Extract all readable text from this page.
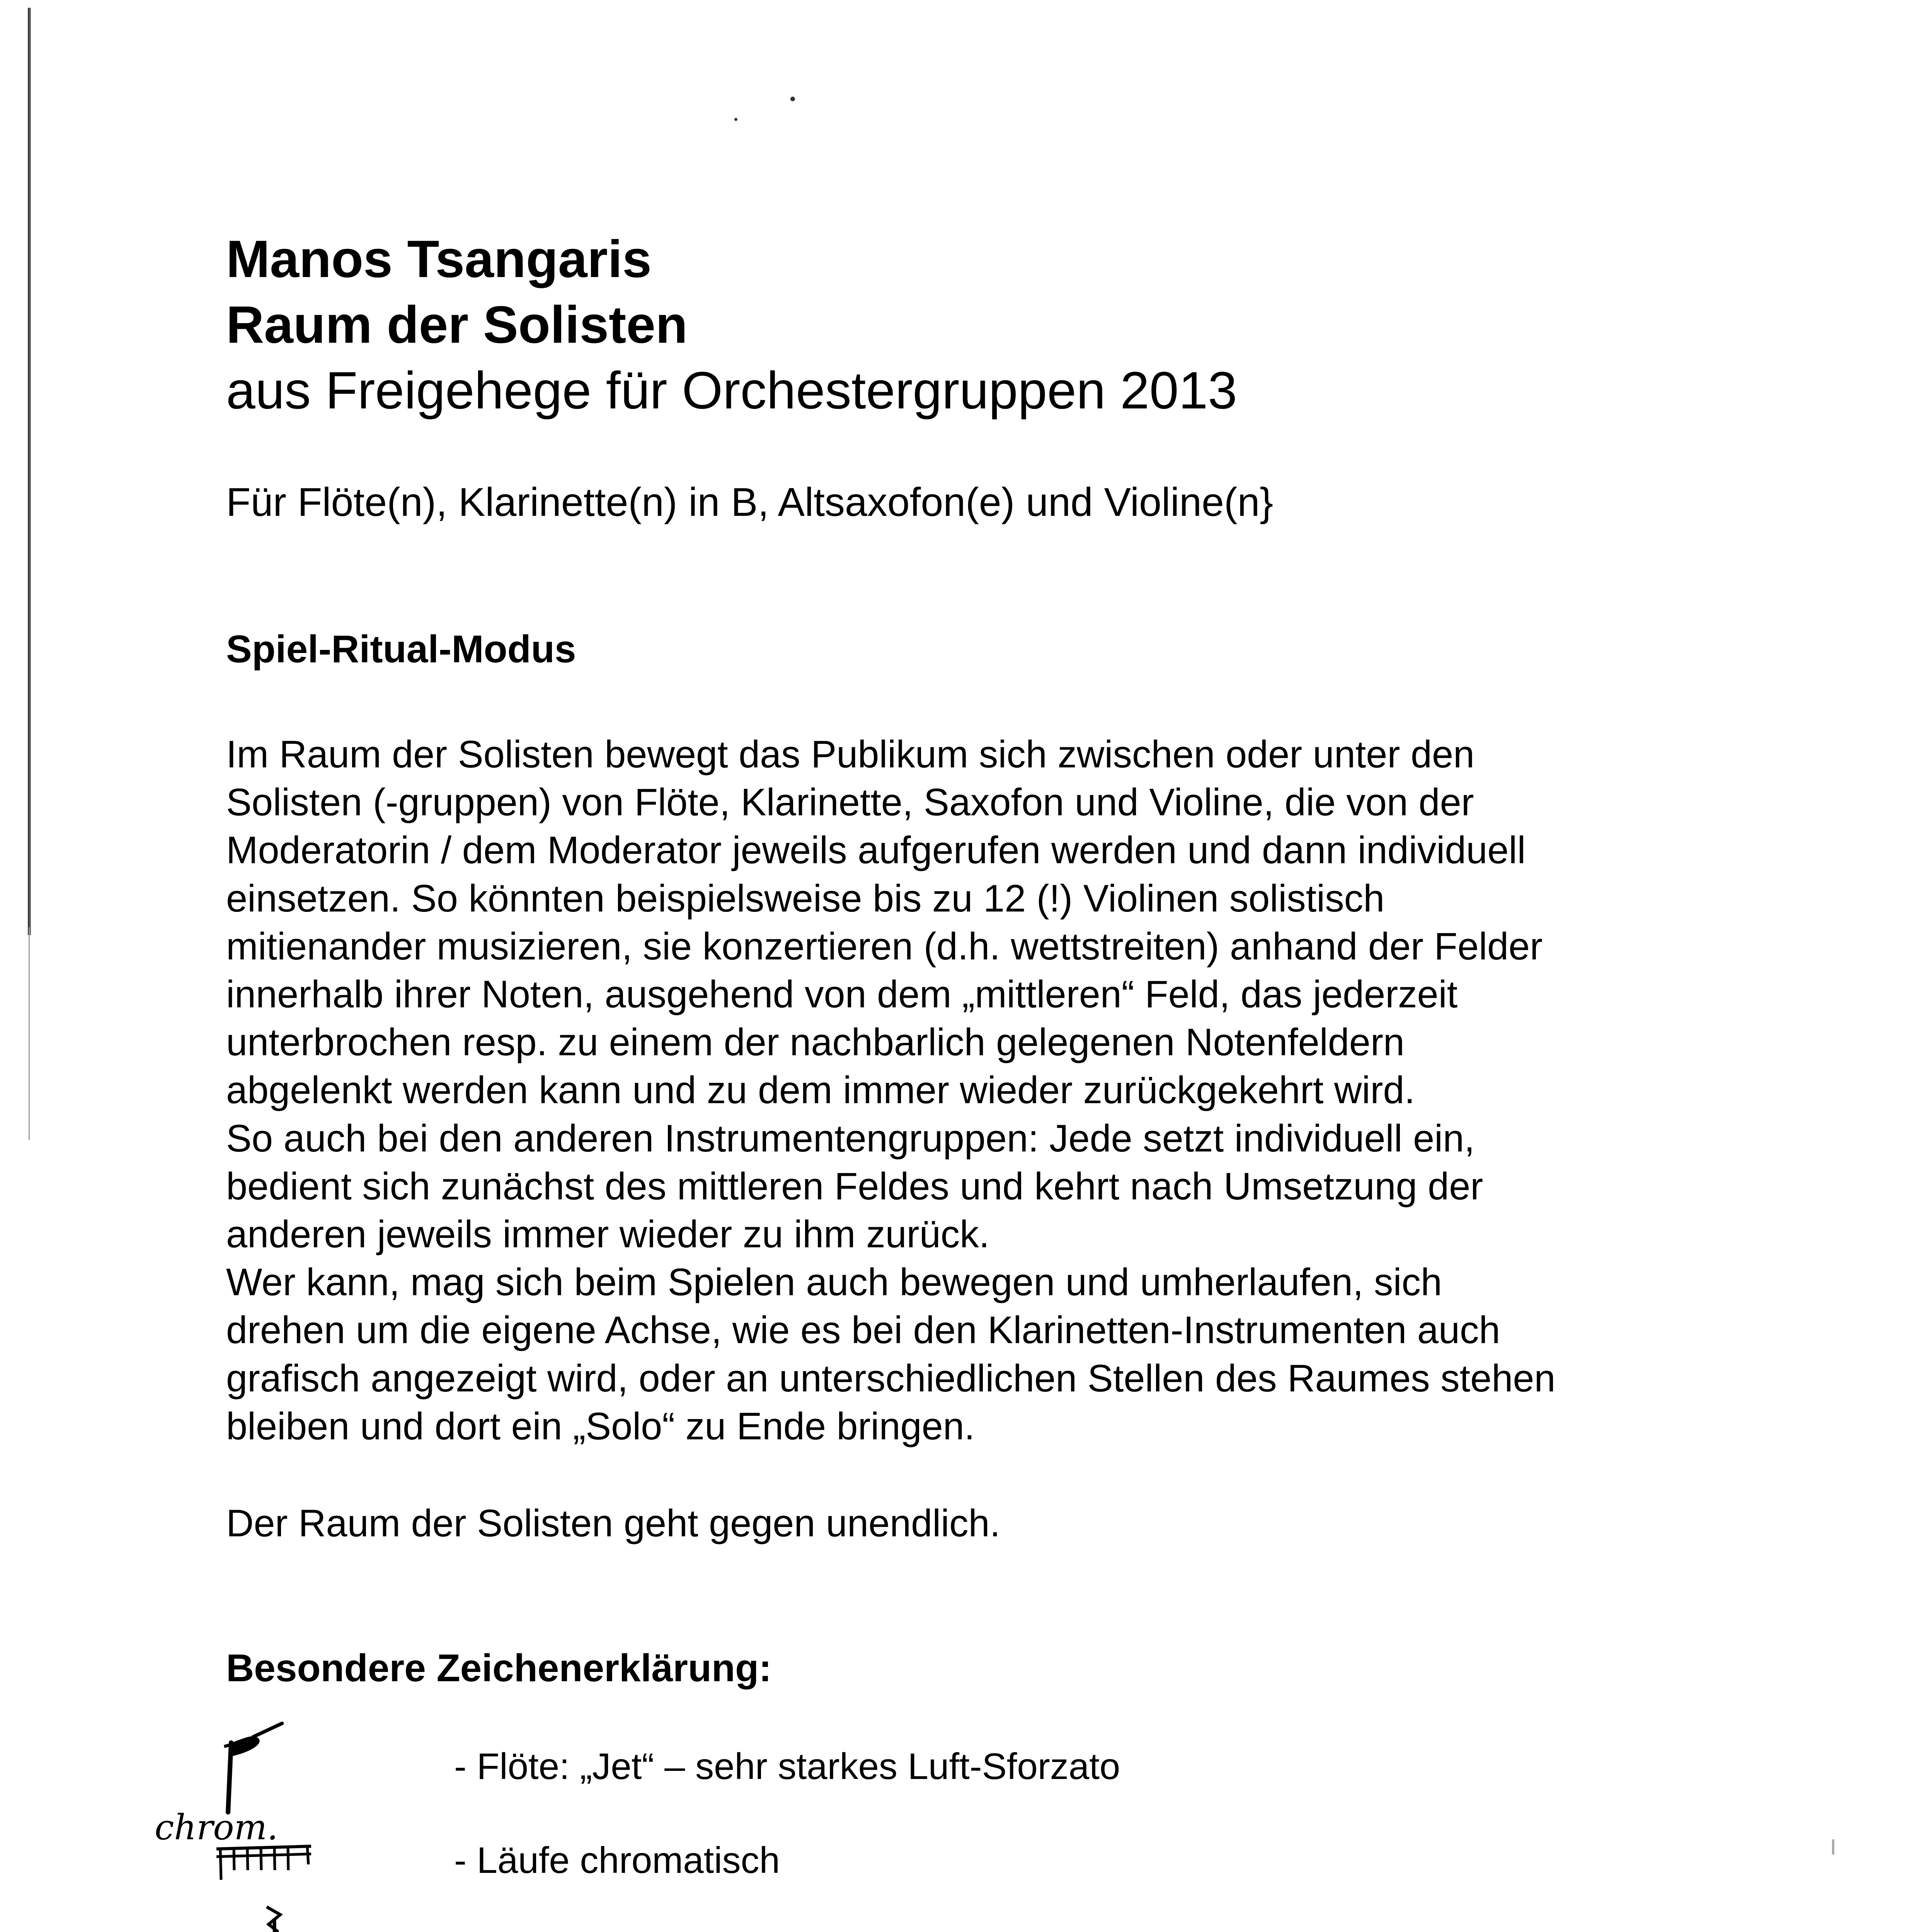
Manos Tsangaris
Raum der Solisten
aus Freigehege für Orchestergruppen 2013
Für Flöte(n), Klarinette(n) in B, Altsaxofon(e) und Violine(n}
Spiel-Ritual-Modus
Im Raum der Solisten bewegt das Publikum sich zwischen oder unter den
Solisten (-gruppen) von Flöte, Klarinette, Saxofon und Violine, die von der
Moderatorin / dem Moderator jeweils aufgerufen werden und dann individuell
einsetzen. So könnten beispielsweise bis zu 12 (!) Violinen solistisch
mitienander musizieren, sie konzertieren (d.h. wettstreiten) anhand der Felder
innerhalb ihrer Noten, ausgehend von dem „mittleren“ Feld, das jederzeit
unterbrochen resp. zu einem der nachbarlich gelegenen Notenfeldern
abgelenkt werden kann und zu dem immer wieder zurückgekehrt wird.
So auch bei den anderen Instrumentengruppen: Jede setzt individuell ein,
bedient sich zunächst des mittleren Feldes und kehrt nach Umsetzung der
anderen jeweils immer wieder zu ihm zurück.
Wer kann, mag sich beim Spielen auch bewegen und umherlaufen, sich
drehen um die eigene Achse, wie es bei den Klarinetten-Instrumenten auch
grafisch angezeigt wird, oder an unterschiedlichen Stellen des Raumes stehen
bleiben und dort ein „Solo“ zu Ende bringen.
Der Raum der Solisten geht gegen unendlich.
Besondere Zeichenerklärung:
- Flöte: „Jet“ – sehr starkes Luft-Sforzato
- Läufe chromatisch
chrom.
